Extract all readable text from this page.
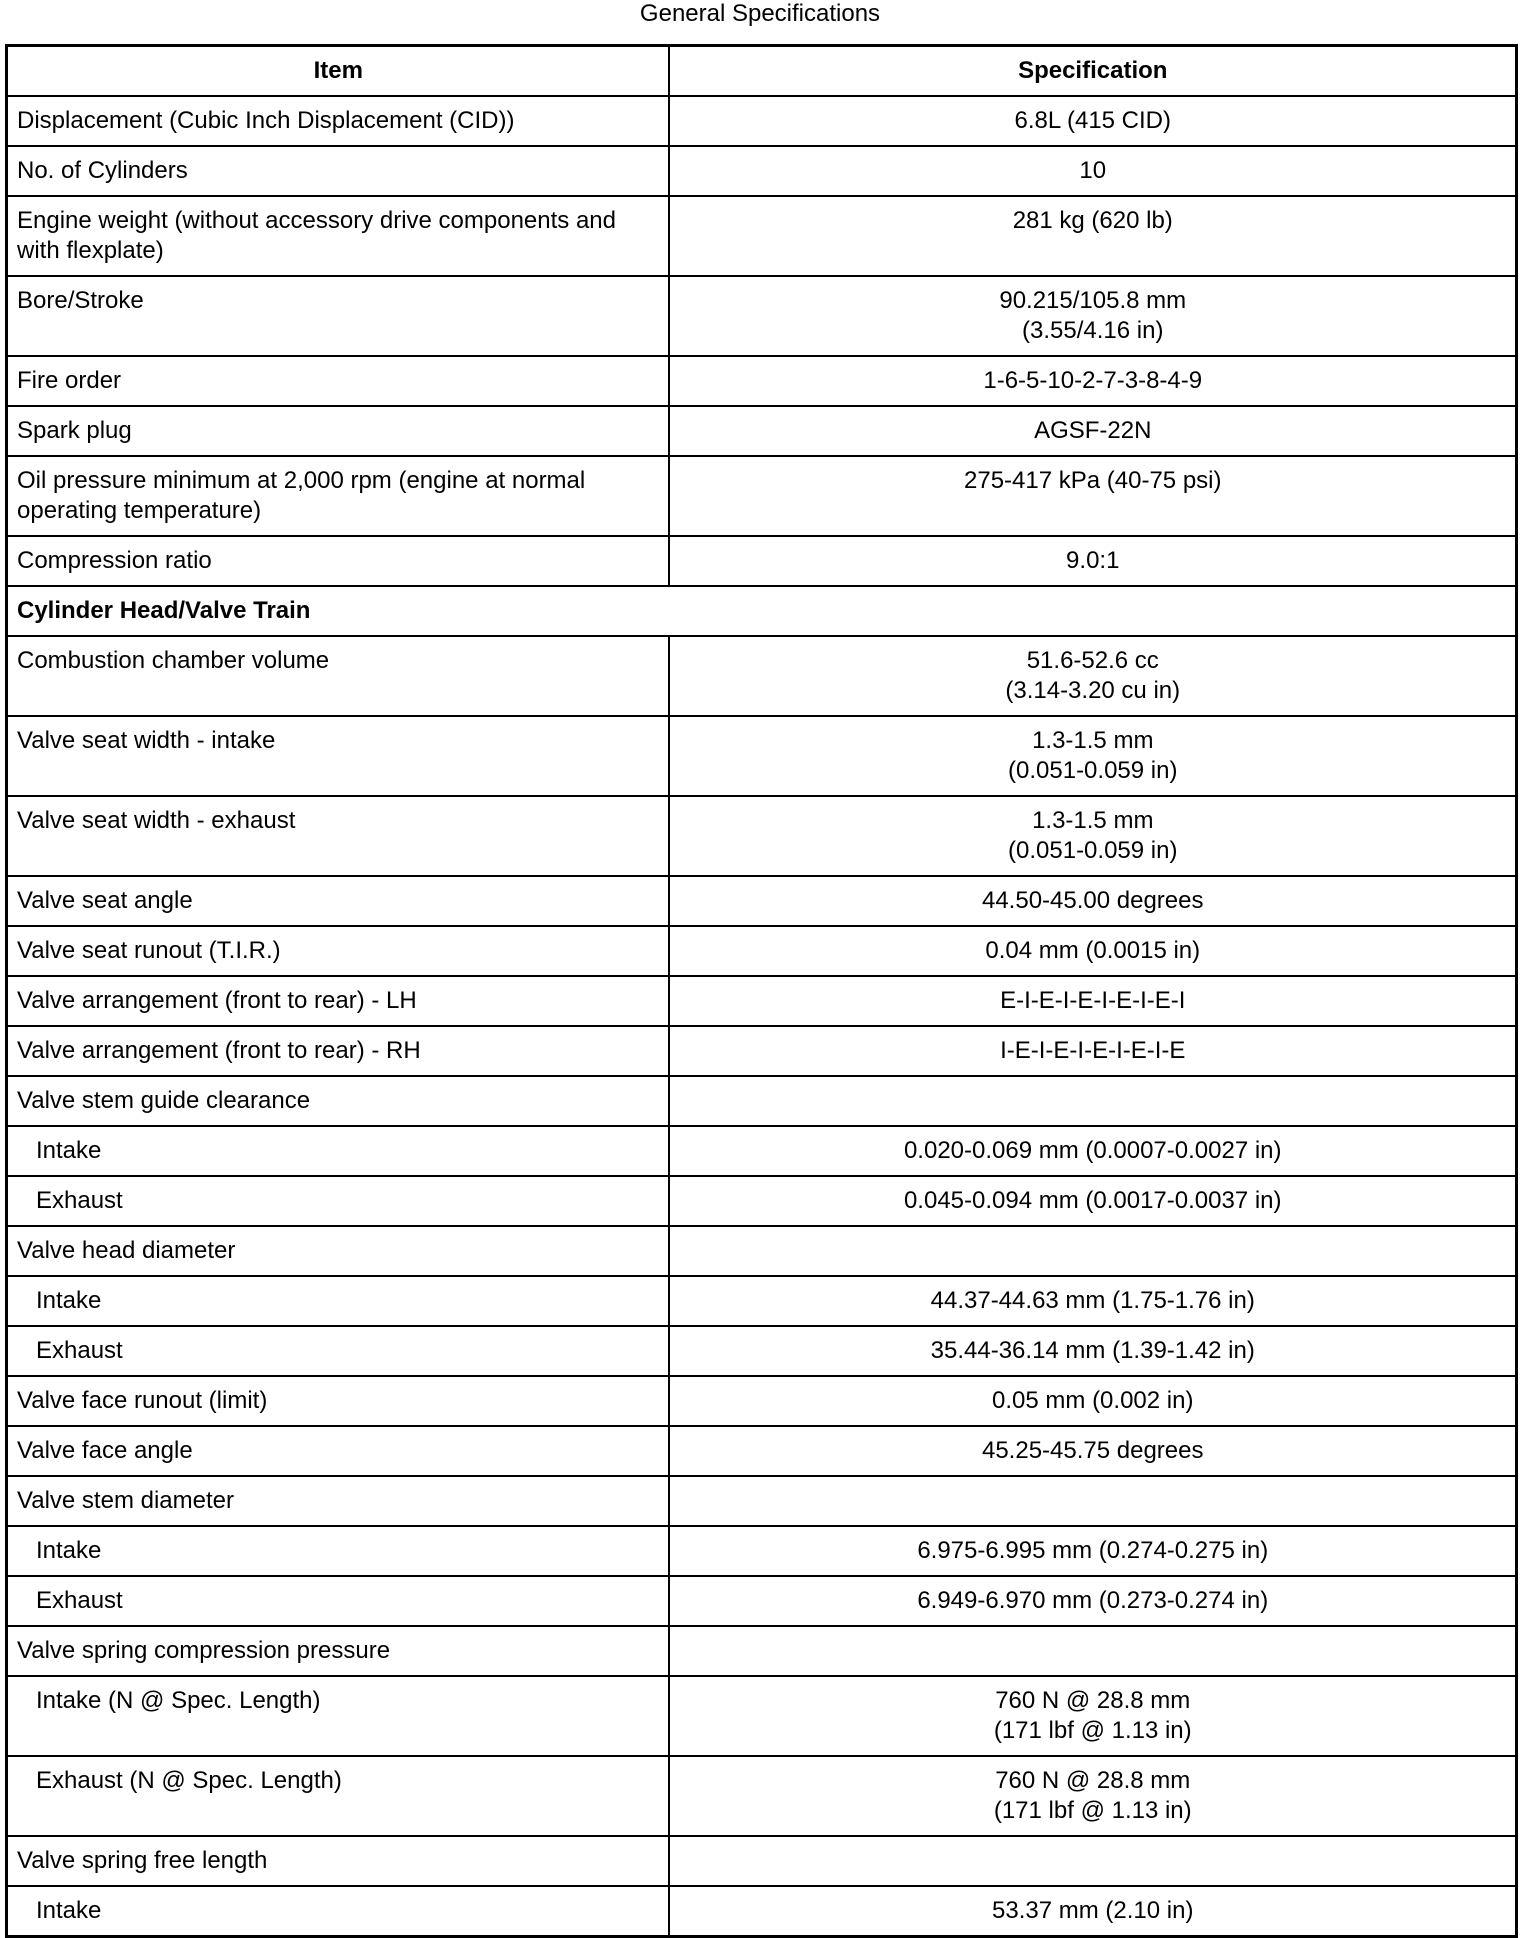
General Specifications
Item	Specification
Displacement (Cubic Inch Displacement (CID))	6.8L (415 CID)
No. of Cylinders	10
Engine weight (without accessory drive components and with flexplate)	281 kg (620 lb)
Bore/Stroke	90.215/105.8 mm
(3.55/4.16 in)
Fire order	1-6-5-10-2-7-3-8-4-9
Spark plug	AGSF-22N
Oil pressure minimum at 2,000 rpm (engine at normal operating temperature)	275-417 kPa (40-75 psi)
Compression ratio	9.0:1
Cylinder Head/Valve Train	
Combustion chamber volume	51.6-52.6 cc
(3.14-3.20 cu in)
Valve seat width - intake	1.3-1.5 mm
(0.051-0.059 in)
Valve seat width - exhaust	1.3-1.5 mm
(0.051-0.059 in)
Valve seat angle	44.50-45.00 degrees
Valve seat runout (T.I.R.)	0.04 mm (0.0015 in)
Valve arrangement (front to rear) - LH	E-I-E-I-E-I-E-I-E-I
Valve arrangement (front to rear) - RH	I-E-I-E-I-E-I-E-I-E
Valve stem guide clearance	
Intake	0.020-0.069 mm (0.0007-0.0027 in)
Exhaust	0.045-0.094 mm (0.0017-0.0037 in)
Valve head diameter	
Intake	44.37-44.63 mm (1.75-1.76 in)
Exhaust	35.44-36.14 mm (1.39-1.42 in)
Valve face runout (limit)	0.05 mm (0.002 in)
Valve face angle	45.25-45.75 degrees
Valve stem diameter	
Intake	6.975-6.995 mm (0.274-0.275 in)
Exhaust	6.949-6.970 mm (0.273-0.274 in)
Valve spring compression pressure	
Intake (N @ Spec. Length)	760 N @ 28.8 mm
(171 lbf @ 1.13 in)
Exhaust (N @ Spec. Length)	760 N @ 28.8 mm
(171 lbf @ 1.13 in)
Valve spring free length	
Intake	53.37 mm (2.10 in)
